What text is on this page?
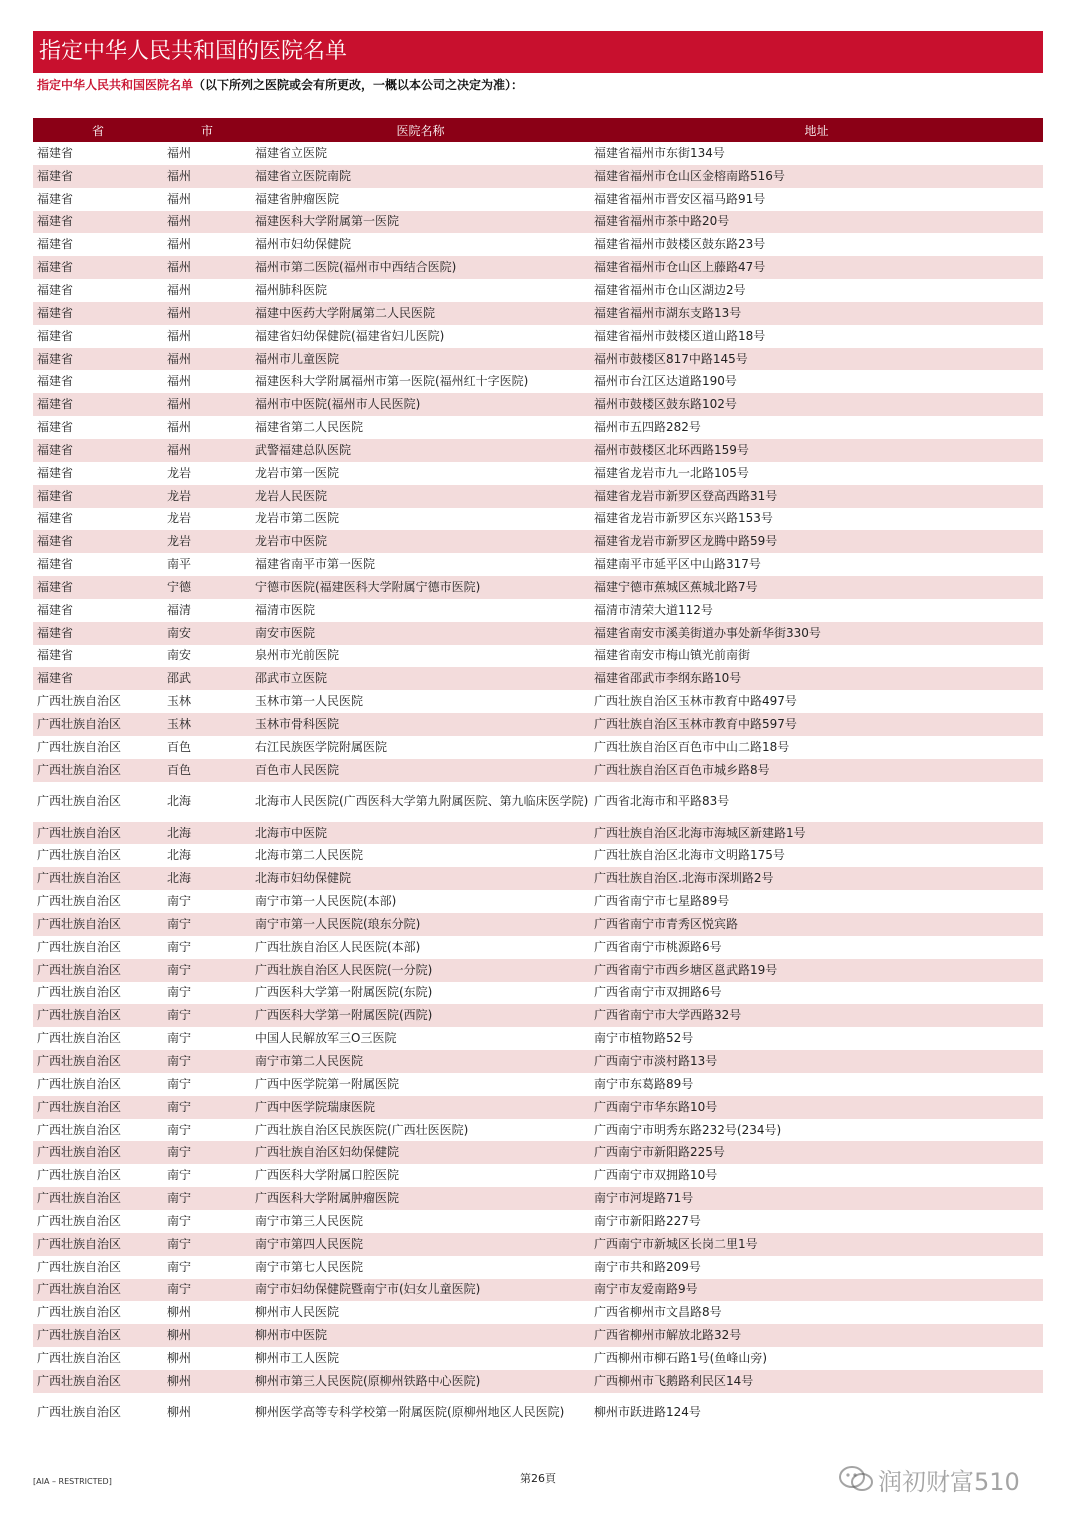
指定中华人民共和国的医院名单
指定中华人民共和国医院名单（以下所列之医院或会有所更改，一概以本公司之决定为准）：
省	市	医院名称	地址
福建省	福州	福建省立医院	福建省福州市东街134号
福建省	福州	福建省立医院南院	福建省福州市仓山区金榕南路516号
福建省	福州	福建省肿瘤医院	福建省福州市晋安区福马路91号
福建省	福州	福建医科大学附属第一医院	福建省福州市茶中路20号
福建省	福州	福州市妇幼保健院	福建省福州市鼓楼区鼓东路23号
福建省	福州	福州市第二医院(福州市中西结合医院)	福建省福州市仓山区上藤路47号
福建省	福州	福州肺科医院	福建省福州市仓山区湖边2号
福建省	福州	福建中医药大学附属第二人民医院	福建省福州市湖东支路13号
福建省	福州	福建省妇幼保健院(福建省妇儿医院)	福建省福州市鼓楼区道山路18号
福建省	福州	福州市儿童医院	福州市鼓楼区817中路145号
福建省	福州	福建医科大学附属福州市第一医院(福州红十字医院)	福州市台江区达道路190号
福建省	福州	福州市中医院(福州市人民医院)	福州市鼓楼区鼓东路102号
福建省	福州	福建省第二人民医院	福州市五四路282号
福建省	福州	武警福建总队医院	福州市鼓楼区北环西路159号
福建省	龙岩	龙岩市第一医院	福建省龙岩市九一北路105号
福建省	龙岩	龙岩人民医院	福建省龙岩市新罗区登高西路31号
福建省	龙岩	龙岩市第二医院	福建省龙岩市新罗区东兴路153号
福建省	龙岩	龙岩市中医院	福建省龙岩市新罗区龙腾中路59号
福建省	南平	福建省南平市第一医院	福建南平市延平区中山路317号
福建省	宁德	宁德市医院(福建医科大学附属宁德市医院)	福建宁德市蕉城区蕉城北路7号
福建省	福清	福清市医院	福清市清荣大道112号
福建省	南安	南安市医院	福建省南安市溪美街道办事处新华街330号
福建省	南安	泉州市光前医院	福建省南安市梅山镇光前南街
福建省	邵武	邵武市立医院	福建省邵武市李纲东路10号
广西壮族自治区	玉林	玉林市第一人民医院	广西壮族自治区玉林市教育中路497号
广西壮族自治区	玉林	玉林市骨科医院	广西壮族自治区玉林市教育中路597号
广西壮族自治区	百色	右江民族医学院附属医院	广西壮族自治区百色市中山二路18号
广西壮族自治区	百色	百色市人民医院	广西壮族自治区百色市城乡路8号
广西壮族自治区	北海	北海市人民医院(广西医科大学第九附属医院、第九临床医学院)	广西省北海市和平路83号
广西壮族自治区	北海	北海市中医院	广西壮族自治区北海市海城区新建路1号
广西壮族自治区	北海	北海市第二人民医院	广西壮族自治区北海市文明路175号
广西壮族自治区	北海	北海市妇幼保健院	广西壮族自治区.北海市深圳路2号
广西壮族自治区	南宁	南宁市第一人民医院(本部)	广西省南宁市七星路89号
广西壮族自治区	南宁	南宁市第一人民医院(琅东分院)	广西省南宁市青秀区悦宾路
广西壮族自治区	南宁	广西壮族自治区人民医院(本部)	广西省南宁市桃源路6号
广西壮族自治区	南宁	广西壮族自治区人民医院(一分院)	广西省南宁市西乡塘区邕武路19号
广西壮族自治区	南宁	广西医科大学第一附属医院(东院)	广西省南宁市双拥路6号
广西壮族自治区	南宁	广西医科大学第一附属医院(西院)	广西省南宁市大学西路32号
广西壮族自治区	南宁	中国人民解放军三O三医院	南宁市植物路52号
广西壮族自治区	南宁	南宁市第二人民医院	广西南宁市淡村路13号
广西壮族自治区	南宁	广西中医学院第一附属医院	南宁市东葛路89号
广西壮族自治区	南宁	广西中医学院瑞康医院	广西南宁市华东路10号
广西壮族自治区	南宁	广西壮族自治区民族医院(广西壮医医院)	广西南宁市明秀东路232号(234号)
广西壮族自治区	南宁	广西壮族自治区妇幼保健院	广西南宁市新阳路225号
广西壮族自治区	南宁	广西医科大学附属口腔医院	广西南宁市双拥路10号
广西壮族自治区	南宁	广西医科大学附属肿瘤医院	南宁市河堤路71号
广西壮族自治区	南宁	南宁市第三人民医院	南宁市新阳路227号
广西壮族自治区	南宁	南宁市第四人民医院	广西南宁市新城区长岗二里1号
广西壮族自治区	南宁	南宁市第七人民医院	南宁市共和路209号
广西壮族自治区	南宁	南宁市妇幼保健院暨南宁市(妇女儿童医院)	南宁市友爱南路9号
广西壮族自治区	柳州	柳州市人民医院	广西省柳州市文昌路8号
广西壮族自治区	柳州	柳州市中医院	广西省柳州市解放北路32号
广西壮族自治区	柳州	柳州市工人医院	广西柳州市柳石路1号(鱼峰山旁)
广西壮族自治区	柳州	柳州市第三人民医院(原柳州铁路中心医院)	广西柳州市飞鹅路利民区14号
广西壮族自治区	柳州	柳州医学高等专科学校第一附属医院(原柳州地区人民医院)	柳州市跃进路124号
[AIA – RESTRICTED]	第26頁	润初财富510
